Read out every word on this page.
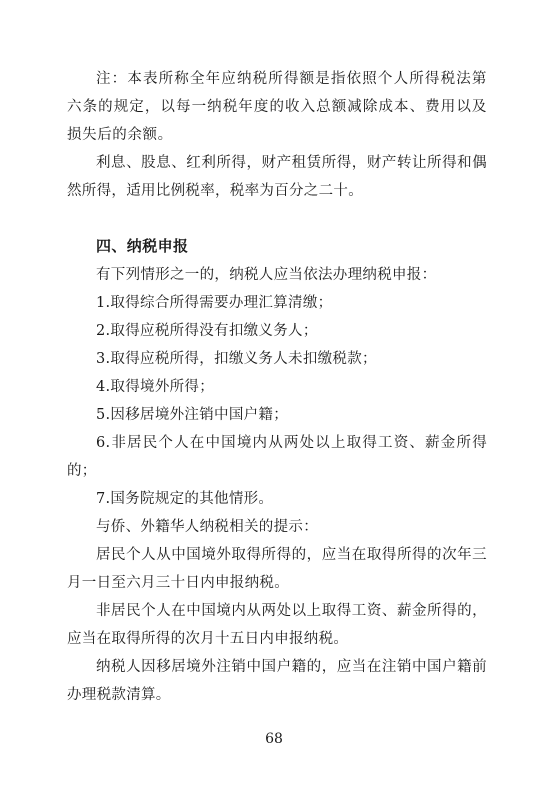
注：本表所称全年应纳税所得额是指依照个人所得税法第六条的规定，以每一纳税年度的收入总额减除成本、费用以及损失后的余额。

利息、股息、红利所得，财产租赁所得，财产转让所得和偶然所得，适用比例税率，税率为百分之二十。

四、纳税申报

有下列情形之一的，纳税人应当依法办理纳税申报：

1.取得综合所得需要办理汇算清缴；

2.取得应税所得没有扣缴义务人；

3.取得应税所得，扣缴义务人未扣缴税款；

4.取得境外所得；

5.因移居境外注销中国户籍；

6.非居民个人在中国境内从两处以上取得工资、薪金所得的；

7.国务院规定的其他情形。

与侨、外籍华人纳税相关的提示：

居民个人从中国境外取得所得的，应当在取得所得的次年三月一日至六月三十日内申报纳税。

非居民个人在中国境内从两处以上取得工资、薪金所得的，应当在取得所得的次月十五日内申报纳税。

纳税人因移居境外注销中国户籍的，应当在注销中国户籍前办理税款清算。

68
